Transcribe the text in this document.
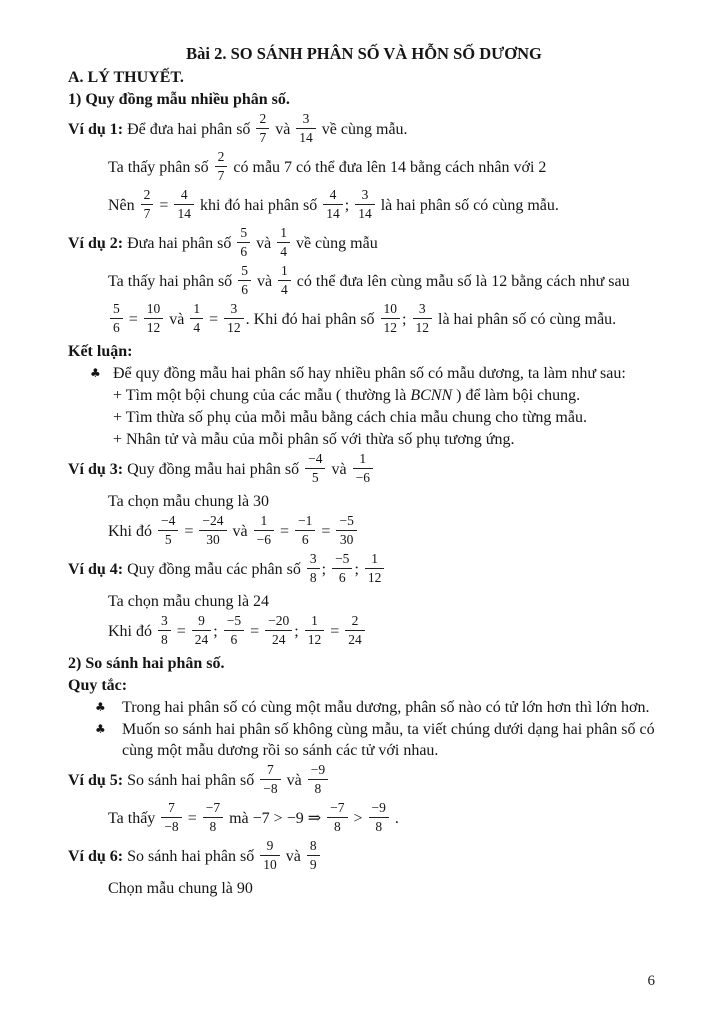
Bài 2. SO SÁNH PHÂN SỐ VÀ HỖN SỐ DƯƠNG
A. LÝ THUYẾT.
1) Quy đồng mẫu nhiều phân số.
Ví dụ 1: Để đưa hai phân số $\frac{2}{7}$ và $\frac{3}{14}$ về cùng mẫu.
Ta thấy phân số $\frac{2}{7}$ có mẫu 7 có thể đưa lên 14 bằng cách nhân với 2
Nên $\frac{2}{7} = \frac{4}{14}$ khi đó hai phân số $\frac{4}{14}$ ; $\frac{3}{14}$ là hai phân số có cùng mẫu.
Ví dụ 2: Đưa hai phân số $\frac{5}{6}$ và $\frac{1}{4}$ về cùng mẫu
Ta thấy hai phân số $\frac{5}{6}$ và $\frac{1}{4}$ có thể đưa lên cùng mẫu số là 12 bằng cách như sau
$\frac{5}{6} = \frac{10}{12}$ và $\frac{1}{4} = \frac{3}{12}$ . Khi đó hai phân số $\frac{10}{12}$ ; $\frac{3}{12}$ là hai phân số có cùng mẫu.
Kết luận:
♣ Để quy đồng mẫu hai phân số hay nhiều phân số có mẫu dương, ta làm như sau:
+ Tìm một bội chung của các mẫu ( thường là BCNN ) để làm bội chung.
+ Tìm thừa số phụ của mỗi mẫu bằng cách chia mẫu chung cho từng mẫu.
+ Nhân tử và mẫu của mỗi phân số với thừa số phụ tương ứng.
Ví dụ 3: Quy đồng mẫu hai phân số $\frac{-4}{5}$ và $\frac{1}{-6}$
Ta chọn mẫu chung là 30
Khi đó $\frac{-4}{5} = \frac{-24}{30}$ và $\frac{1}{-6} = \frac{-1}{6} = \frac{-5}{30}$
Ví dụ 4: Quy đồng mẫu các phân số $\frac{3}{8}$ ; $\frac{-5}{6}$ ; $\frac{1}{12}$
Ta chọn mẫu chung là 24
Khi đó $\frac{3}{8} = \frac{9}{24}$ ; $\frac{-5}{6} = \frac{-20}{24}$ ; $\frac{1}{12} = \frac{2}{24}$
2) So sánh hai phân số.
Quy tắc:
♣	Trong hai phân số có cùng một mẫu dương, phân số nào có tử lớn hơn thì lớn hơn.
♣	Muốn so sánh hai phân số không cùng mẫu, ta viết chúng dưới dạng hai phân số có cùng một mẫu dương rồi so sánh các tử với nhau.
Ví dụ 5: So sánh hai phân số $\frac{7}{-8}$ và $\frac{-9}{8}$
Ta thấy $\frac{7}{-8} = \frac{-7}{8}$ mà −7 > −9 ⇒ $\frac{-7}{8} > \frac{-9}{8}$ .
Ví dụ 6: So sánh hai phân số $\frac{9}{10}$ và $\frac{8}{9}$
Chọn mẫu chung là 90
6
